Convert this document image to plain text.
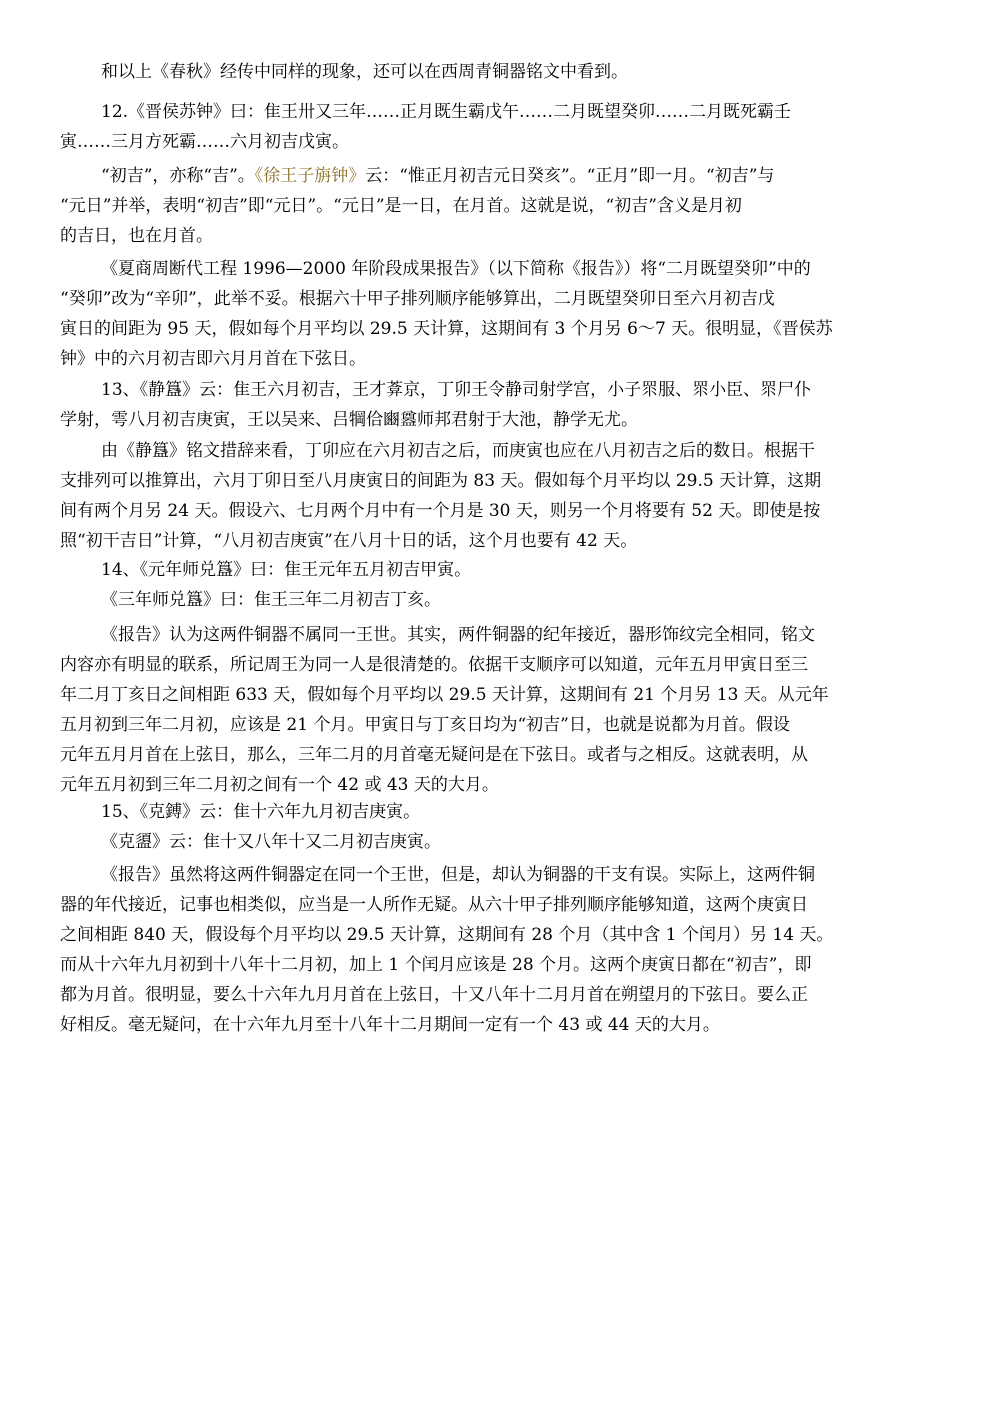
和以上《春秋》经传中同样的现象，还可以在西周青铜器铭文中看到。

12.《晋侯苏钟》曰：隹王卅又三年……正月既生霸戊午……二月既望癸卯……二月既死霸壬
寅……三月方死霸……六月初吉戊寅。

“初吉”，亦称“吉”。《徐王子旃钟》云：“惟正月初吉元日癸亥”。“正月”即一月。“初吉”与
“元日”并举，表明“初吉”即“元日”。“元日”是一日，在月首。这就是说，“初吉”含义是月初
的吉日，也在月首。

《夏商周断代工程 1996—2000 年阶段成果报告》（以下简称《报告》）将“二月既望癸卯”中的
“癸卯”改为“辛卯”，此举不妥。根据六十甲子排列顺序能够算出，二月既望癸卯日至六月初吉戊
寅日的间距为 95 天，假如每个月平均以 29.5 天计算，这期间有 3 个月另 6～7 天。很明显，《晋侯苏
钟》中的六月初吉即六月月首在下弦日。

13、《静簋》云：隹王六月初吉，王才葊京，丁卯王令静司射学宫，小子眔服、眔小臣、眔尸仆
学射，雩八月初吉庚寅，王以吴来、吕犅佮豳𥂴师邦君射于大池，静学无尤。

由《静簋》铭文措辞来看，丁卯应在六月初吉之后，而庚寅也应在八月初吉之后的数日。根据干
支排列可以推算出，六月丁卯日至八月庚寅日的间距为 83 天。假如每个月平均以 29.5 天计算，这期
间有两个月另 24 天。假设六、七月两个月中有一个月是 30 天，则另一个月将要有 52 天。即使是按
照“初干吉日”计算，“八月初吉庚寅”在八月十日的话，这个月也要有 42 天。

14、《元年师兑簋》曰：隹王元年五月初吉甲寅。
《三年师兑簋》曰：隹王三年二月初吉丁亥。

《报告》认为这两件铜器不属同一王世。其实，两件铜器的纪年接近，器形饰纹完全相同，铭文
内容亦有明显的联系，所记周王为同一人是很清楚的。依据干支顺序可以知道，元年五月甲寅日至三
年二月丁亥日之间相距 633 天，假如每个月平均以 29.5 天计算，这期间有 21 个月另 13 天。从元年
五月初到三年二月初，应该是 21 个月。甲寅日与丁亥日均为“初吉”日，也就是说都为月首。假设
元年五月月首在上弦日，那么，三年二月的月首毫无疑问是在下弦日。或者与之相反。这就表明，从
元年五月初到三年二月初之间有一个 42 或 43 天的大月。

15、《克鎛》云：隹十六年九月初吉庚寅。
《克盨》云：隹十又八年十又二月初吉庚寅。

《报告》虽然将这两件铜器定在同一个王世，但是，却认为铜器的干支有误。实际上，这两件铜
器的年代接近，记事也相类似，应当是一人所作无疑。从六十甲子排列顺序能够知道，这两个庚寅日
之间相距 840 天，假设每个月平均以 29.5 天计算，这期间有 28 个月（其中含 1 个闰月）另 14 天。
而从十六年九月初到十八年十二月初，加上 1 个闰月应该是 28 个月。这两个庚寅日都在“初吉”，即
都为月首。很明显，要么十六年九月月首在上弦日，十又八年十二月月首在朔望月的下弦日。要么正
好相反。毫无疑问，在十六年九月至十八年十二月期间一定有一个 43 或 44 天的大月。
